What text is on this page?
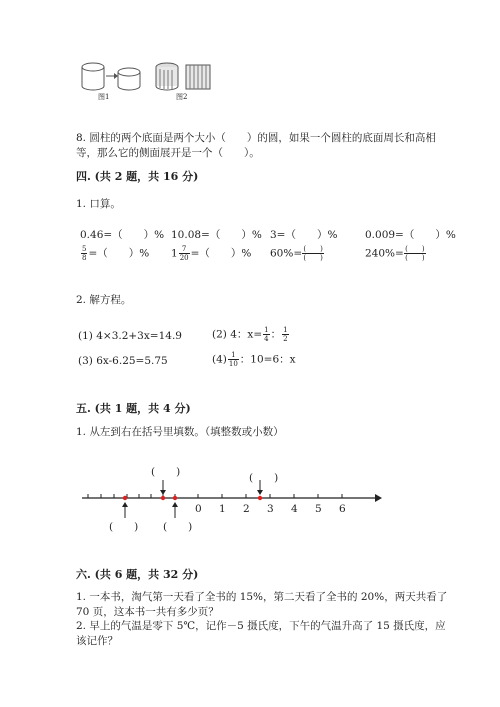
图1	图2
8. 圆柱的两个底面是两个大小（　　）的圆，如果一个圆柱的底面周长和高相
等，那么它的侧面展开是一个（　　）。
四. (共 2 题，共 16 分)
1. 口算。
0.46=（　　）% 10.08=（　　）% 3=（　　）%	0.009=（　　）%
$\frac{5}{8}$ =（　　）% $1 \frac{7}{20}$ =（　　）% $60\%= \frac{( )}{( )}$	$240\%= \frac{( )}{( )}$
2. 解方程。
(1) 4×3.2+3x=14.9	(2) 4：$x= \frac{1}{4}$ ： $\frac{1}{2}$
(3) 6x-6.25=5.75	$(4) \frac{1}{10}$ ：10=6：x
五. (共 1 题，共 4 分)
1. 从左到右在括号里填数。（填整数或小数）
(　　)	(　　)
(　　) (　　)
0 1 2 3 4 5 6
六. (共 6 题，共 32 分)
1. 一本书，淘气第一天看了全书的 15%，第二天看了全书的 20%，两天共看了
70 页，这本书一共有多少页？
2. 早上的气温是零下 5℃，记作－5 摄氏度，下午的气温升高了 15 摄氏度，应
该记作？
